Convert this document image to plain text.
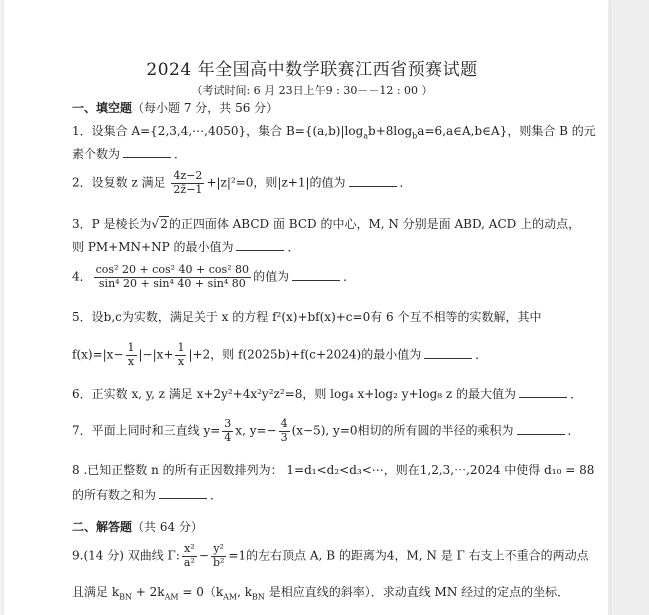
2024 年全国高中数学联赛江西省预赛试题
（考试时间: 6 月 23日上午9 : 30－－12 : 00 ）
一、填空题（每小题 7 分，共 56 分）
1．设集合 A={2,3,4,⋯,4050}，集合 $B=\{(a,b)|\log_ab+8\log_ba=6,a\in A,b\in A\}$，则集合 B 的元
素个数为	．
2．设复数 z 满足 $\frac{4z-2}{2z̄-1} +|z|^2=0$，则|z+1|的值为	．
3．P 是棱长为√2的正四面体 ABCD 面 BCD 的中心，M, N 分别是面 ABD, ACD 上的动点，
则 PM+MN+NP 的最小值为	．
4． $\frac{\text{cos² 20 + cos² 40 + cos² 80}}{\text{sin⁴ 20 + sin⁴ 40 + sin⁴ 80}}$ 的值为	．
5．设b,c为实数，满足关于 x 的方程 f²(x)+bf(x)+c=0有 6 个互不相等的实数解，其中
$f(x)=|x- \frac{1}{x} |-|x+ \frac{1}{x} |+2$，则 f(2025b)+f(c+2024)的最小值为	．
6．正实数 x, y, z 满足 x+2y²+4x²y²z²=8，则 log₄ x+log₂ y+log₈ z 的最大值为	．
7．平面上同时和三直线 $y= \frac{3}{4} x$, $y=- \frac{4}{3} (x-5)$, y=0相切的所有圆的半径的乘积为	．
8 .已知正整数 n 的所有正因数排列为： 1=d₁<d₂<d₃<⋯，则在1,2,3,⋯,2024 中使得 d₁₀ = 88
的所有数之和为	．
二、解答题（共 64 分）
9.(14 分) 双曲线 Γ: $\frac{\text{x²}}{\text{a²}} - \frac{\text{y²}}{\text{b²}} =1$的左右顶点 A, B 的距离为4，M, N 是 Γ 右支上不重合的两动点
且满足 $k_{BN} + 2k_{AM} = 0(k_{AM}$, $k_{BN}$ 是相应直线的斜率）．求动直线 MN 经过的定点的坐标．
